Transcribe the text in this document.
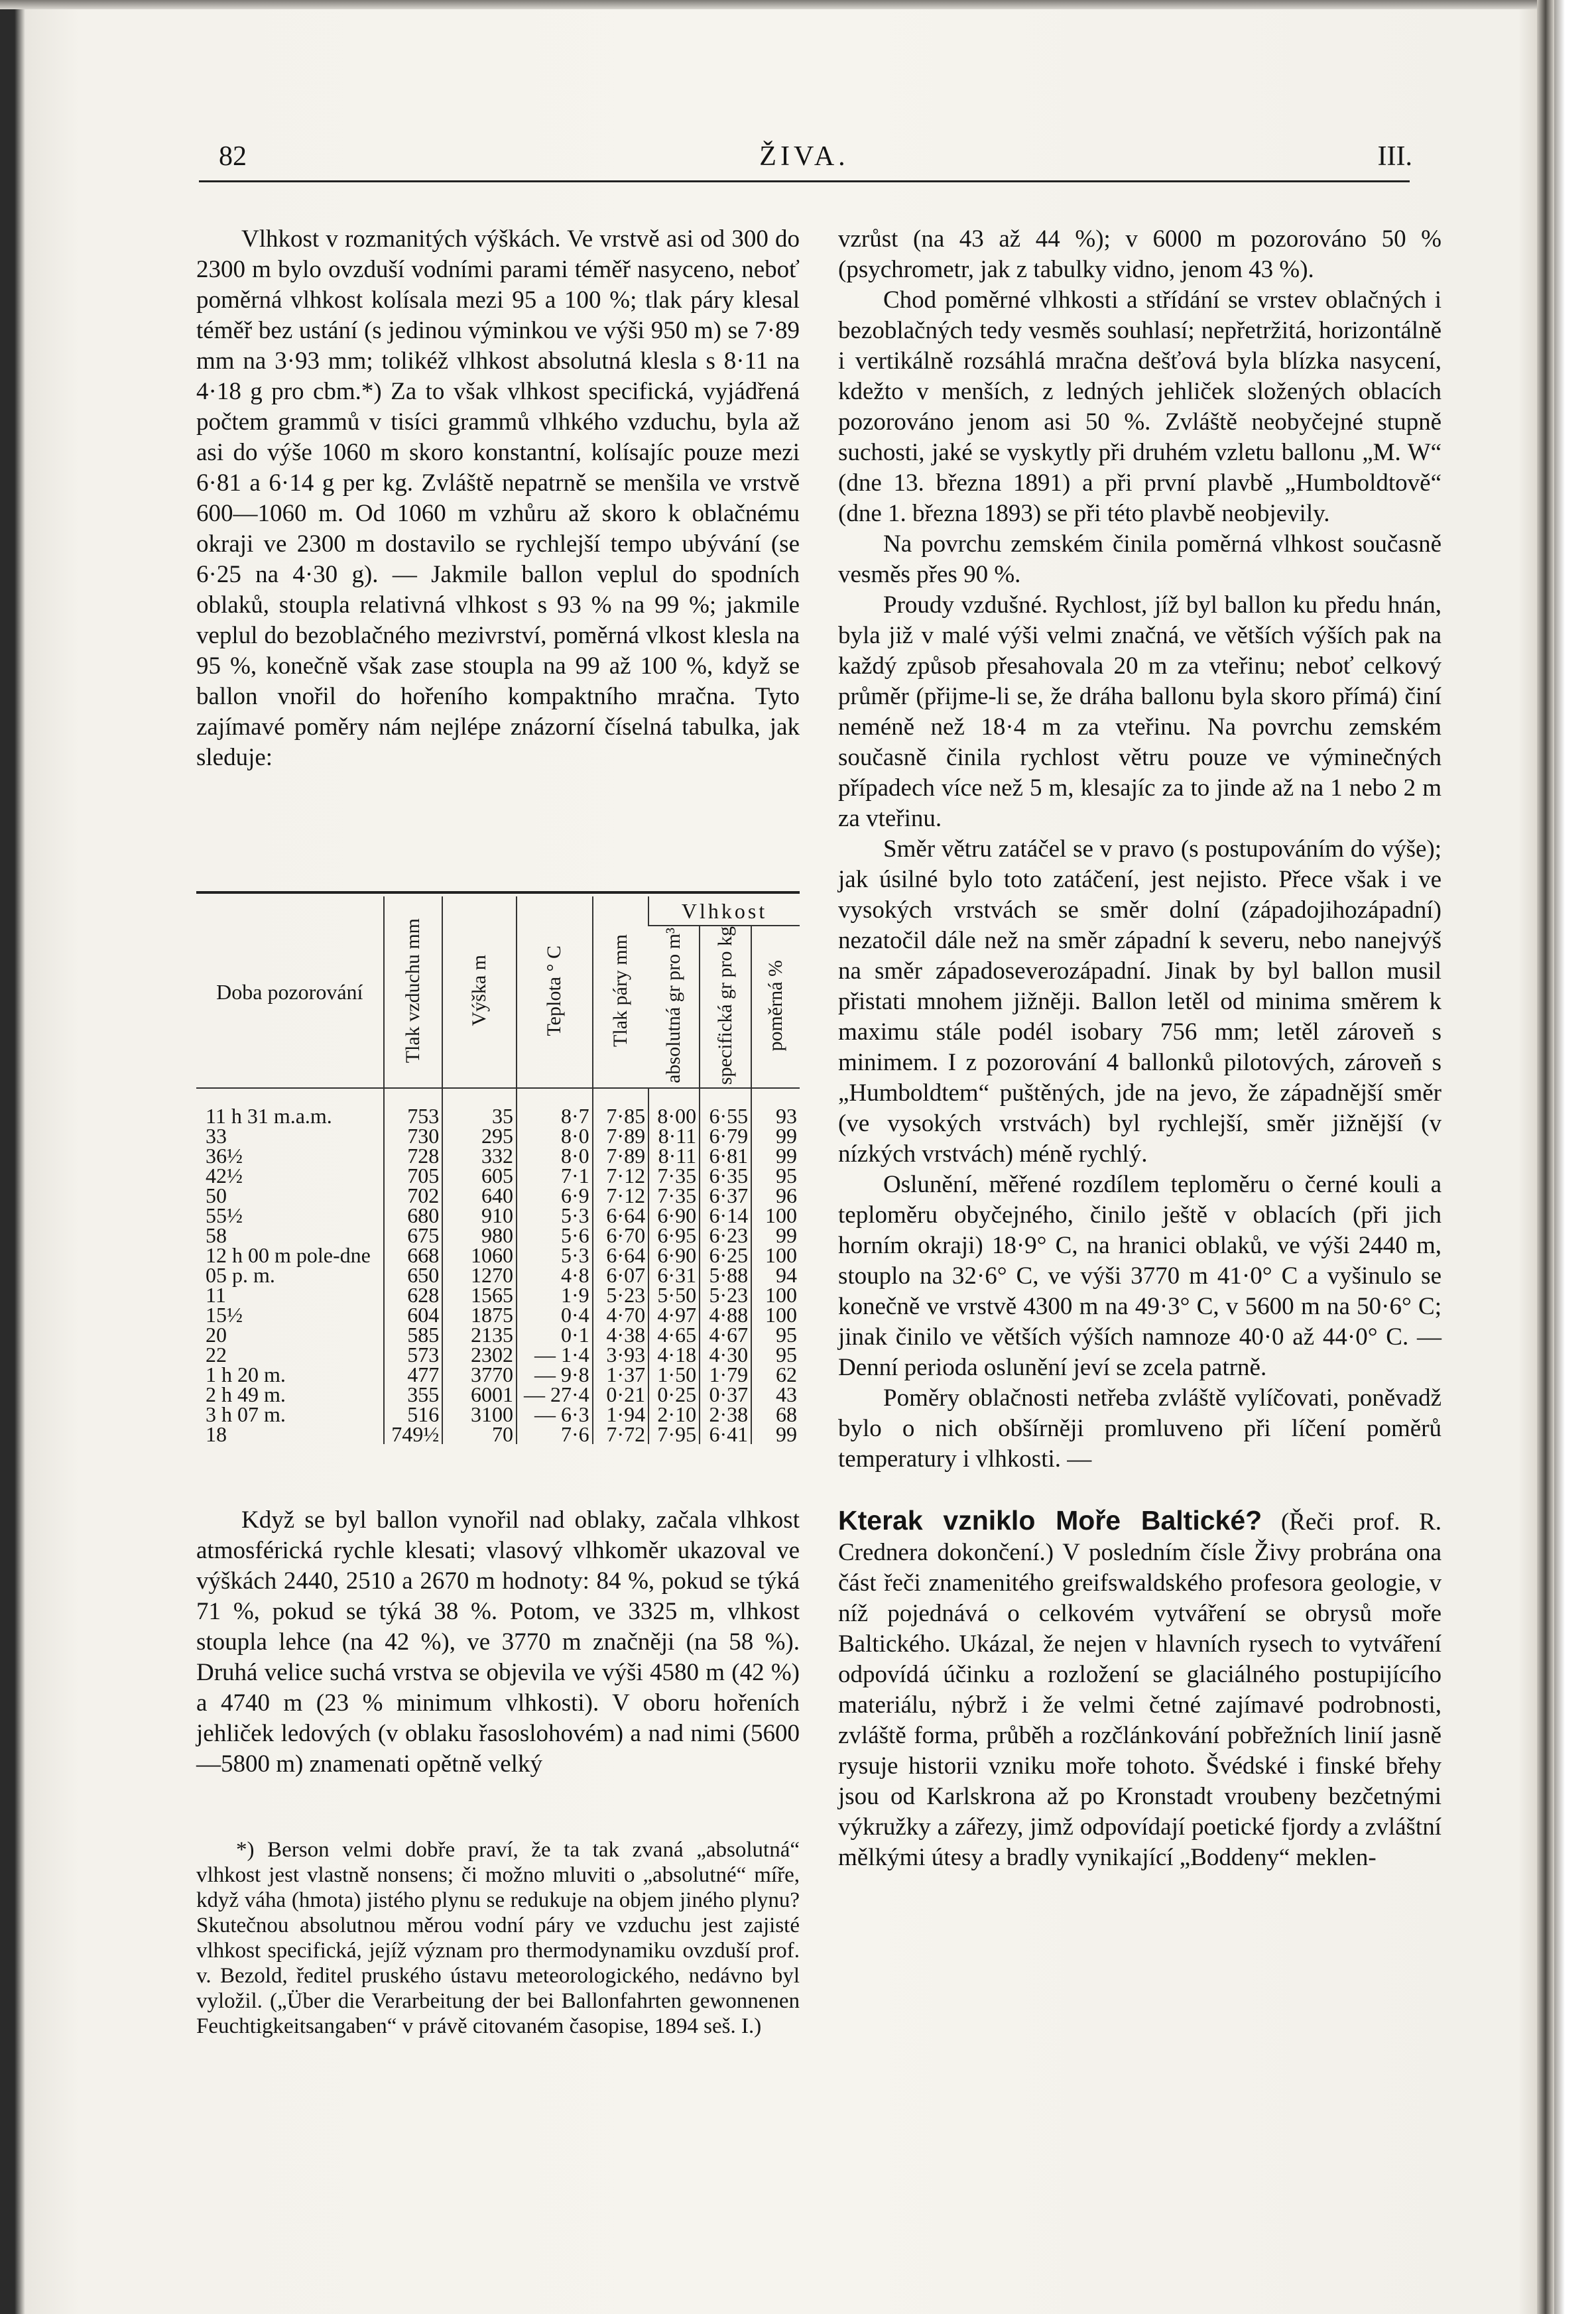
82	ŽIVA.	III.

Vlhkost v rozmanitých výškách. Ve vrstvě asi od 300 do 2300 m bylo ovzduší vodními parami téměř nasyceno, neboť poměrná vlhkost kolísala mezi 95 a 100 %; tlak páry klesal téměř bez ustání (s jedinou výminkou ve výši 950 m) se 7·89 mm na 3·93 mm; tolikéž vlhkost absolutná klesla s 8·11 na 4·18 g pro cbm.*) Za to však vlhkost specifická, vyjádřená počtem grammů v tisíci grammů vlhkého vzduchu, byla až asi do výše 1060 m skoro konstantní, kolísajíc pouze mezi 6·81 a 6·14 g per kg. Zvláště nepatrně se menšila ve vrstvě 600—1060 m. Od 1060 m vzhůru až skoro k oblačnému okraji ve 2300 m dostavilo se rychlejší tempo ubývání (se 6·25 na 4·30 g). — Jakmile ballon veplul do spodních oblaků, stoupla relativná vlhkost s 93 % na 99 %; jakmile veplul do bezoblačného mezivrství, poměrná vlkost klesla na 95 %, konečně však zase stoupla na 99 až 100 %, když se ballon vnořil do hořeního kompaktního mračna. Tyto zajímavé poměry nám nejlépe znázorní číselná tabulka, jak sleduje:

Doba pozorování	Tlak vzduchu mm	Výška m	Teplota ° C	Tlak páry mm	Vlhkost		
					absolutná gr pro m³	specifická gr pro kg	poměrná %
11 h 31 m.a.m.	753	35	8·7	7·85	8·00	6·55	93
33	730	295	8·0	7·89	8·11	6·79	99
36½	728	332	8·0	7·89	8·11	6·81	99
42½	705	605	7·1	7·12	7·35	6·35	95
50	702	640	6·9	7·12	7·35	6·37	96
55½	680	910	5·3	6·64	6·90	6·14	100
58	675	980	5·6	6·70	6·95	6·23	99
12 h 00 m pole-dne	668	1060	5·3	6·64	6·90	6·25	100
05 p. m.	650	1270	4·8	6·07	6·31	5·88	94
11	628	1565	1·9	5·23	5·50	5·23	100
15½	604	1875	0·4	4·70	4·97	4·88	100
20	585	2135	0·1	4·38	4·65	4·67	95
22	573	2302	— 1·4	3·93	4·18	4·30	95
1 h 20 m.	477	3770	— 9·8	1·37	1·50	1·79	62
2 h 49 m.	355	6001	— 27·4	0·21	0·25	0·37	43
3 h 07 m.	516	3100	— 6·3	1·94	2·10	2·38	68
18	749½	70	7·6	7·72	7·95	6·41	99

Když se byl ballon vynořil nad oblaky, začala vlhkost atmosférická rychle klesati; vlasový vlhkoměr ukazoval ve výškách 2440, 2510 a 2670 m hodnoty: 84 %, pokud se týká 71 %, pokud se týká 38 %. Potom, ve 3325 m, vlhkost stoupla lehce (na 42 %), ve 3770 m značněji (na 58 %). Druhá velice suchá vrstva se objevila ve výši 4580 m (42 %) a 4740 m (23 % minimum vlhkosti). V oboru hořeních jehliček ledových (v oblaku řasoslohovém) a nad nimi (5600—5800 m) znamenati opětně velký

*) Berson velmi dobře praví, že ta tak zvaná „absolutná“ vlhkost jest vlastně nonsens; či možno mluviti o „absolutné“ míře, když váha (hmota) jistého plynu se redukuje na objem jiného plynu? Skutečnou absolutnou měrou vodní páry ve vzduchu jest zajisté vlhkost specifická, jejíž význam pro thermodynamiku ovzduší prof. v. Bezold, ředitel pruského ústavu meteorologického, nedávno byl vyložil. („Über die Verarbeitung der bei Ballonfahrten gewonnenen Feuchtigkeitsangaben“ v právě citovaném časopise, 1894 seš. I.)

vzrůst (na 43 až 44 %); v 6000 m pozorováno 50 % (psychrometr, jak z tabulky vidno, jenom 43 %).

Chod poměrné vlhkosti a střídání se vrstev oblačných i bezoblačných tedy vesměs souhlasí; nepřetržitá, horizontálně i vertikálně rozsáhlá mračna dešťová byla blízka nasycení, kdežto v menších, z ledných jehliček složených oblacích pozorováno jenom asi 50 %. Zvláště neobyčejné stupně suchosti, jaké se vyskytly při druhém vzletu ballonu „M. W“ (dne 13. března 1891) a při první plavbě „Humboldtově“ (dne 1. března 1893) se při této plavbě neobjevily.

Na povrchu zemském činila poměrná vlhkost současně vesměs přes 90 %.

Proudy vzdušné. Rychlost, jíž byl ballon ku předu hnán, byla již v malé výši velmi značná, ve větších výších pak na každý způsob přesahovala 20 m za vteřinu; neboť celkový průměr (přijme-li se, že dráha ballonu byla skoro přímá) činí neméně než 18·4 m za vteřinu. Na povrchu zemském současně činila rychlost větru pouze ve výminečných případech více než 5 m, klesajíc za to jinde až na 1 nebo 2 m za vteřinu.

Směr větru zatáčel se v pravo (s postupováním do výše); jak úsilné bylo toto zatáčení, jest nejisto. Přece však i ve vysokých vrstvách se směr dolní (západojihozápadní) nezatočil dále než na směr západní k severu, nebo nanejvýš na směr západoseverozápadní. Jinak by byl ballon musil přistati mnohem jižněji. Ballon letěl od minima směrem k maximu stále podél isobary 756 mm; letěl zároveň s minimem. I z pozorování 4 ballonků pilotových, zároveň s „Humboldtem“ puštěných, jde na jevo, že západnější směr (ve vysokých vrstvách) byl rychlejší, směr jižnější (v nízkých vrstvách) méně rychlý.

Oslunění, měřené rozdílem teploměru o černé kouli a teploměru obyčejného, činilo ještě v oblacích (při jich horním okraji) 18·9° C, na hranici oblaků, ve výši 2440 m, stouplo na 32·6° C, ve výši 3770 m 41·0° C a vyšinulo se konečně ve vrstvě 4300 m na 49·3° C, v 5600 m na 50·6° C; jinak činilo ve větších výších namnoze 40·0 až 44·0° C. — Denní perioda oslunění jeví se zcela patrně.

Poměry oblačnosti netřeba zvláště vylíčovati, poněvadž bylo o nich obšírněji promluveno při líčení poměrů temperatury i vlhkosti. —

Kterak vzniklo Moře Baltické? (Řeči prof. R. Crednera dokončení.) V posledním čísle Živy probrána ona část řeči znamenitého greifswaldského profesora geologie, v níž pojednává o celkovém vytváření se obrysů moře Baltického. Ukázal, že nejen v hlavních rysech to vytváření odpovídá účinku a rozložení se glaciálného postupijícího materiálu, nýbrž i že velmi četné zajímavé podrobnosti, zvláště forma, průběh a rozčlánkování pobřežních linií jasně rysuje historii vzniku moře tohoto. Švédské i finské břehy jsou od Karlskrona až po Kronstadt vroubeny bezčetnými výkružky a zářezy, jimž odpovídají poetické fjordy a zvláštní mělkými útesy a bradly vynikající „Boddeny“ meklen-
